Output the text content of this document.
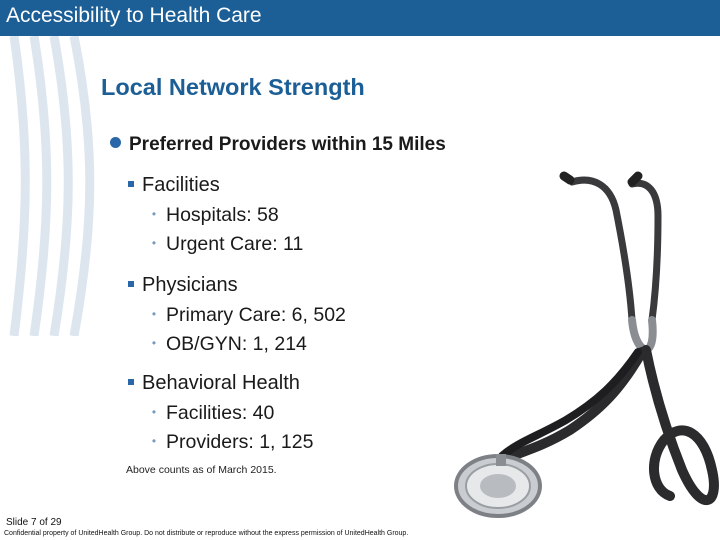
Accessibility to Health Care
Local Network Strength
Preferred Providers within 15 Miles
Facilities
• Hospitals: 58
• Urgent Care: 11
Physicians
• Primary Care: 6, 502
• OB/GYN: 1, 214
Behavioral Health
• Facilities: 40
• Providers: 1, 125
Above counts as of March 2015.
Slide 7 of 29
Confidential property of UnitedHealth Group. Do not distribute or reproduce without the express permission of UnitedHealth Group.
